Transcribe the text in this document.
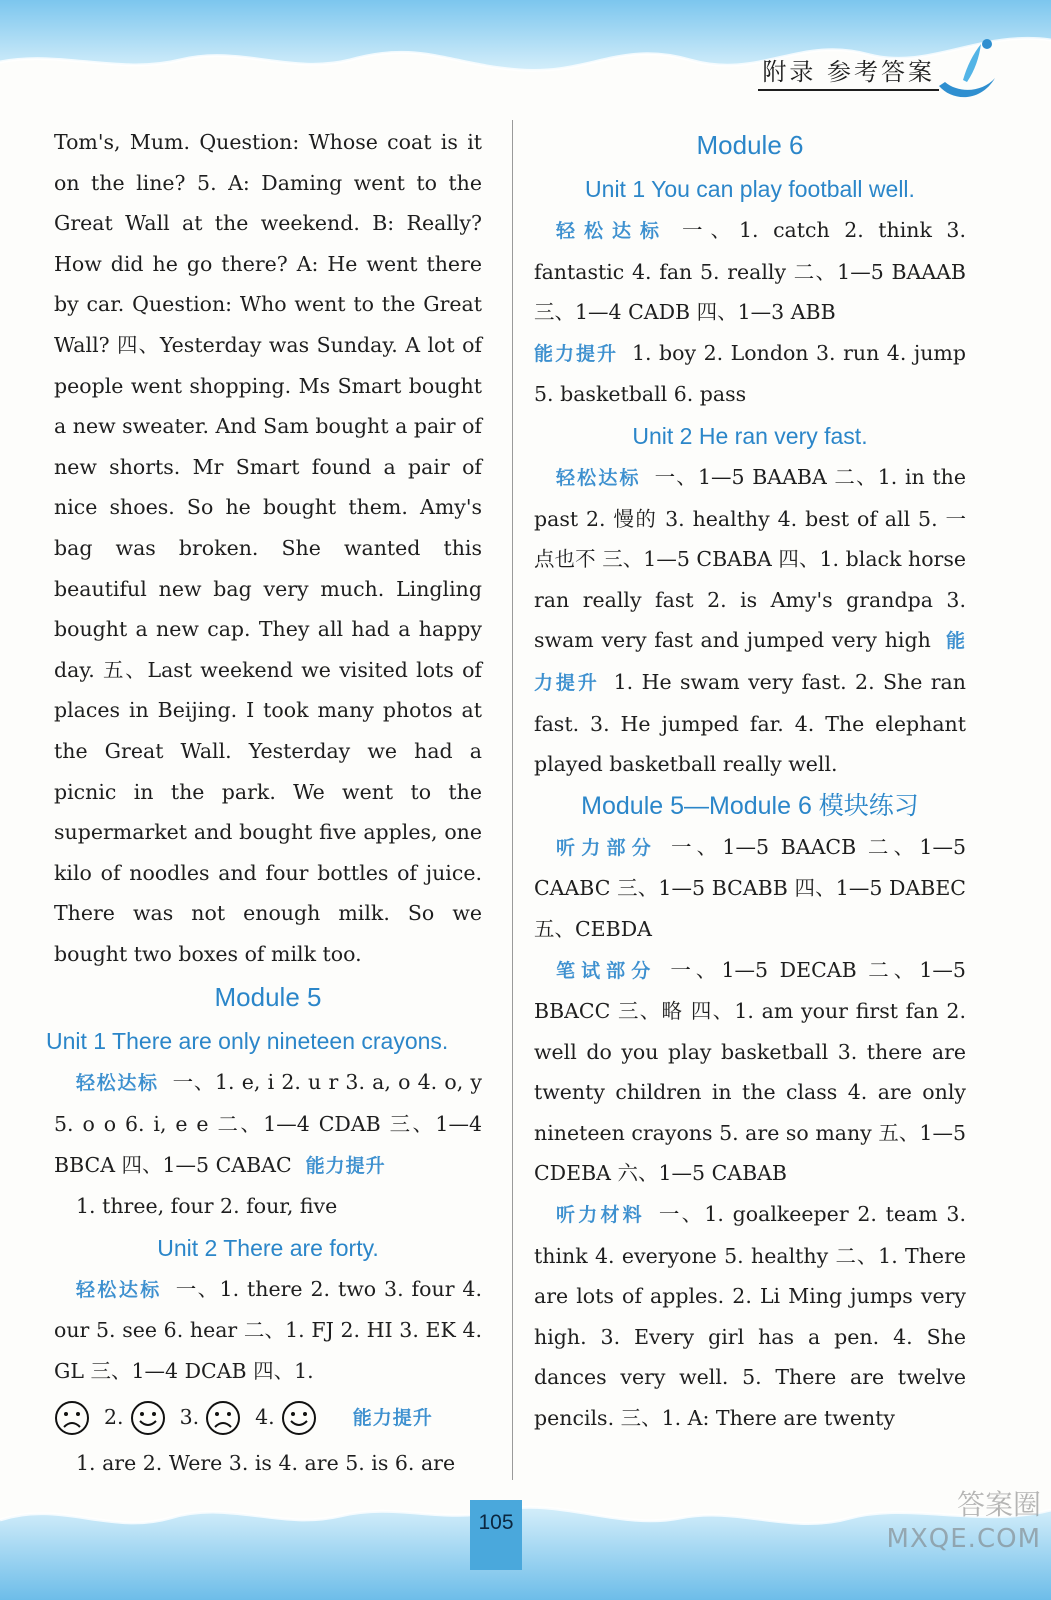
附录 参考答案

Tom's, Mum. Question: Whose coat is it on the line? 5. A: Daming went to the Great Wall at the weekend. B: Really? How did he go there? A: He went there by car. Question: Who went to the Great Wall? 四、Yesterday was Sunday. A lot of people went shopping. Ms Smart bought a new sweater. And Sam bought a pair of new shorts. Mr Smart found a pair of nice shoes. So he bought them. Amy's bag was broken. She wanted this beautiful new bag very much. Lingling bought a new cap. They all had a happy day. 五、Last weekend we visited lots of places in Beijing. I took many photos at the Great Wall. Yesterday we had a picnic in the park. We went to the supermarket and bought five apples, one kilo of noodles and four bottles of juice. There was not enough milk. So we bought two boxes of milk too.

Module 5

Unit 1 There are only nineteen crayons.

轻松达标 一、1. e, i 2. u r 3. a, o 4. o, y 5. o o 6. i, e e 二、1—4 CDAB 三、1—4 BBCA 四、1—5 CABAC 能力提升

1. three, four 2. four, five

Unit 2 There are forty.

轻松达标 一、1. there 2. two 3. four 4. our 5. see 6. hear 二、1. FJ 2. HI 3. EK 4. GL 三、1—4 DCAB 四、1.

2.	3.	4.	能力提升

1. are 2. Were 3. is 4. are 5. is 6. are

Module 6

Unit 1 You can play football well.

轻松达标 一、1. catch 2. think 3. fantastic 4. fan 5. really 二、1—5 BAAAB 三、1—4 CADB 四、1—3 ABB

能力提升 1. boy 2. London 3. run 4. jump 5. basketball 6. pass

Unit 2 He ran very fast.

轻松达标 一、1—5 BAABA 二、1. in the past 2. 慢的 3. healthy 4. best of all 5. 一点也不 三、1—5 CBABA 四、1. black horse ran really fast 2. is Amy's grandpa 3. swam very fast and jumped very high 能力提升 1. He swam very fast. 2. She ran fast. 3. He jumped far. 4. The elephant played basketball really well.

Module 5—Module 6 模块练习

听力部分 一、1—5 BAACB 二、1—5 CAABC 三、1—5 BCABB 四、1—5 DABEC 五、CEBDA

笔试部分 一、1—5 DECAB 二、1—5 BBACC 三、略 四、1. am your first fan 2. well do you play basketball 3. there are twenty children in the class 4. are only nineteen crayons 5. are so many 五、1—5 CDEBA 六、1—5 CABAB

听力材料 一、1. goalkeeper 2. team 3. think 4. everyone 5. healthy 二、1. There are lots of apples. 2. Li Ming jumps very high. 3. Every girl has a pen. 4. She dances very well. 5. There are twelve pencils. 三、1. A: There are twenty

105
答案圈
MXQE.COM
